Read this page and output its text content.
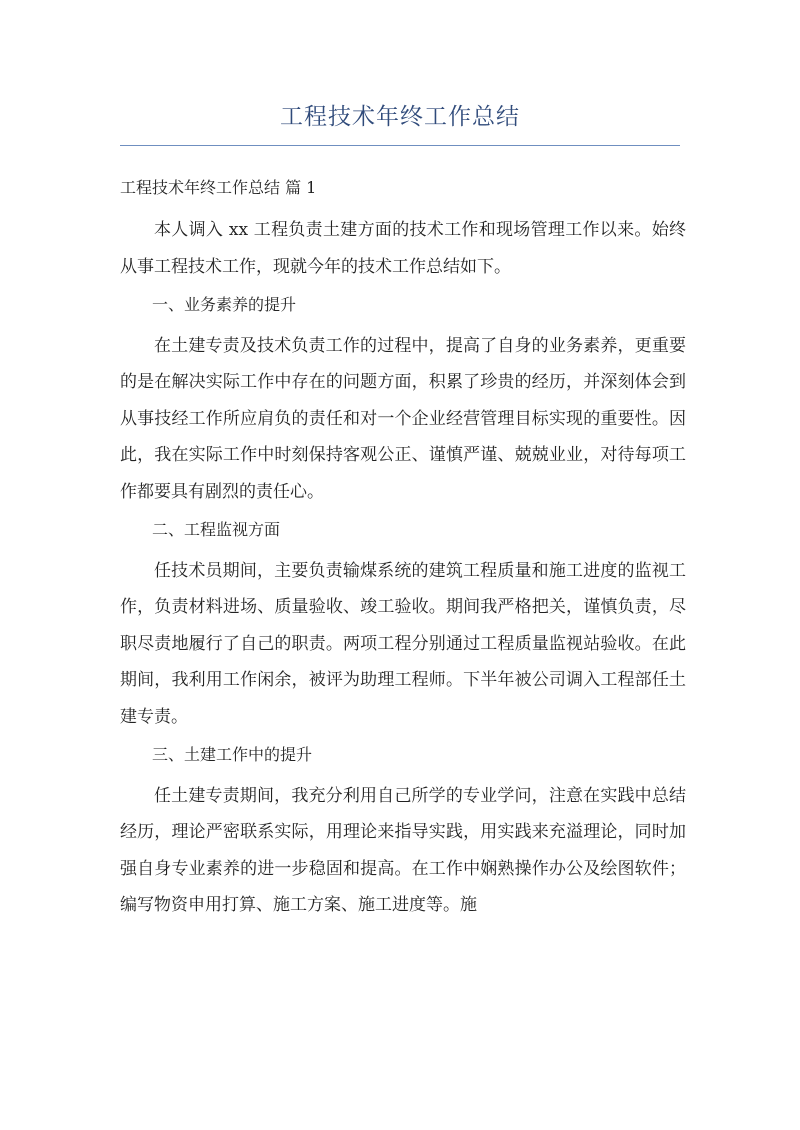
工程技术年终工作总结
工程技术年终工作总结 篇 1

本人调入 xx 工程负责土建方面的技术工作和现场管理工作以来。始终从事工程技术工作，现就今年的技术工作总结如下。

一、业务素养的提升

在土建专责及技术负责工作的过程中，提高了自身的业务素养，更重要的是在解决实际工作中存在的问题方面，积累了珍贵的经历，并深刻体会到从事技经工作所应肩负的责任和对一个企业经营管理目标实现的重要性。因此，我在实际工作中时刻保持客观公正、谨慎严谨、兢兢业业，对待每项工作都要具有剧烈的责任心。

二、工程监视方面

任技术员期间，主要负责输煤系统的建筑工程质量和施工进度的监视工作，负责材料进场、质量验收、竣工验收。期间我严格把关，谨慎负责，尽职尽责地履行了自己的职责。两项工程分别通过工程质量监视站验收。在此期间，我利用工作闲余，被评为助理工程师。下半年被公司调入工程部任土建专责。

三、土建工作中的提升

任土建专责期间，我充分利用自己所学的专业学问，注意在实践中总结经历，理论严密联系实际，用理论来指导实践，用实践来充溢理论，同时加强自身专业素养的进一步稳固和提高。在工作中娴熟操作办公及绘图软件；编写物资申用打算、施工方案、施工进度等。施
